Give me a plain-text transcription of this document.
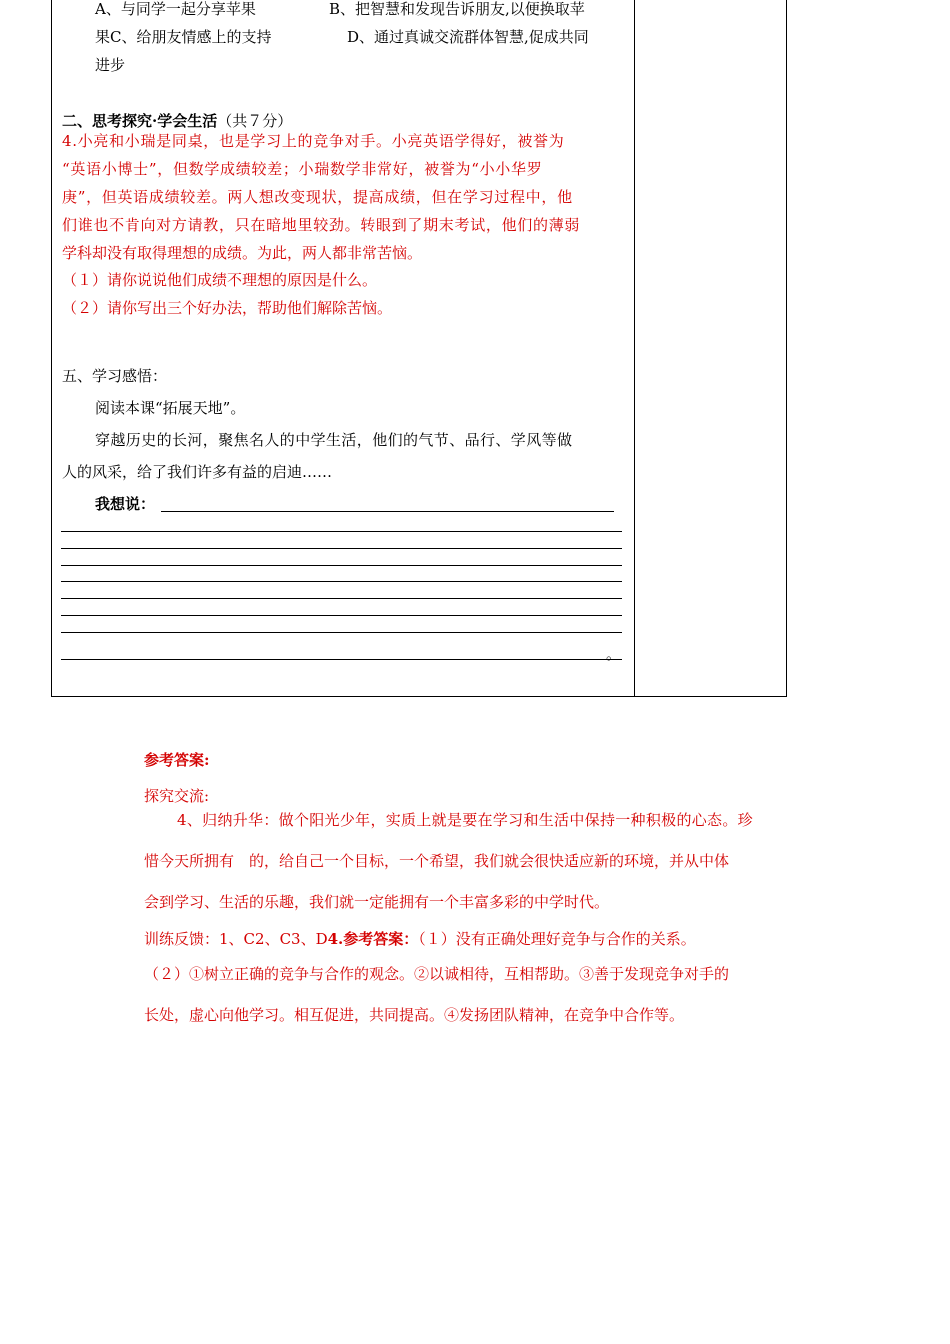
A、与同学一起分享苹果	B、把智慧和发现告诉朋友,以便换取苹
果C、给朋友情感上的支持	D、通过真诚交流群体智慧,促成共同
进步
二、思考探究·学会生活（共７分）
4.小亮和小瑞是同桌，也是学习上的竞争对手。小亮英语学得好，被誉为
“英语小博士”，但数学成绩较差；小瑞数学非常好，被誉为“小小华罗
庚”，但英语成绩较差。两人想改变现状，提高成绩，但在学习过程中，他
们谁也不肯向对方请教，只在暗地里较劲。转眼到了期末考试，他们的薄弱
学科却没有取得理想的成绩。为此，两人都非常苦恼。
（１）请你说说他们成绩不理想的原因是什么。
（２）请你写出三个好办法，帮助他们解除苦恼。
五、学习感悟：
阅读本课“拓展天地”。
穿越历史的长河，聚焦名人的中学生活，他们的气节、品行、学风等做
人的风采，给了我们许多有益的启迪……
我想说：
。
参考答案:
探究交流:
4、归纳升华：做个阳光少年，实质上就是要在学习和生活中保持一种积极的心态。珍
惜今天所拥有　的，给自己一个目标，一个希望，我们就会很快适应新的环境，并从中体
会到学习、生活的乐趣，我们就一定能拥有一个丰富多彩的中学时代。
训练反馈：1、C2、C3、D4.参考答案：（１）没有正确处理好竞争与合作的关系。
（２）①树立正确的竞争与合作的观念。②以诚相待，互相帮助。③善于发现竞争对手的
长处，虚心向他学习。相互促进，共同提高。④发扬团队精神，在竞争中合作等。
